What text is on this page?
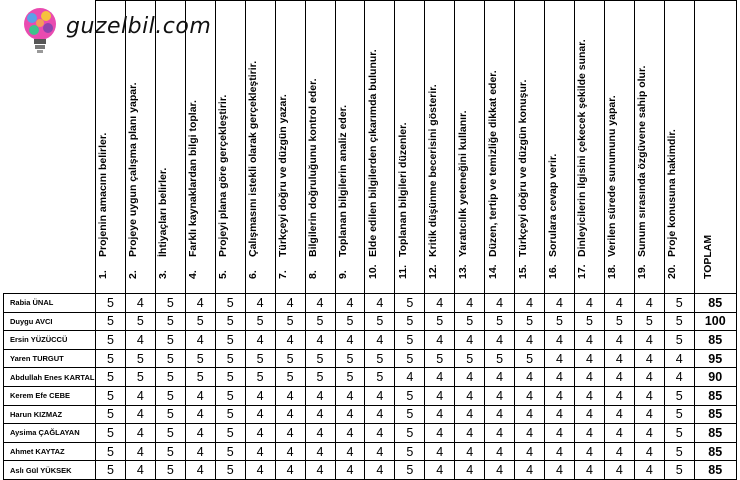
	1.Projenin amacını belirler.	2.Projeye uygun çalışma planı yapar.	3.İhtiyaçları belirler.	4.Farklı kaynaklardan bilgi toplar.	5.Projeyi plana göre gerçekleştirir.	6.Çalışmasını istekli olarak gerçekleştirir.	7.Türkçeyi doğru ve düzgün yazar.	8.Bilgilerin doğruluğunu kontrol eder.	9.Toplanan bilgilerin analiz eder.	10.Elde edilen bilgilerden çıkarımda bulunur.	11.Toplanan bilgileri düzenler.	12.Kritik düşünme becerisini gösterir.	13.Yaratıcılık yeteneğini kullanır.	14.Düzen, tertip ve temizliğe dikkat eder.	15.Türkçeyi doğru ve düzgün konuşur.	16.Sorulara cevap verir.	17.Dinleyicilerin ilgisini çekecek şekilde sunar.	18.Verilen sürede sunumunu yapar.	19.Sunum sırasında özgüvene sahip olur.	20.Proje konusuna hakimdir.	TOPLAM

Rabia ÜNAL	5	4	5	4	5	4	4	4	4	4	5	4	4	4	4	4	4	4	4	5	85
Duygu AVCI	5	5	5	5	5	5	5	5	5	5	5	5	5	5	5	5	5	5	5	5	100
Ersin YÜZÜCCÜ	5	4	5	4	5	4	4	4	4	4	5	4	4	4	4	4	4	4	4	5	85
Yaren TURGUT	5	5	5	5	5	5	5	5	5	5	5	5	5	5	5	4	4	4	4	4	95
Abdullah Enes KARTAL	5	5	5	5	5	5	5	5	5	5	4	4	4	4	4	4	4	4	4	4	90
Kerem Efe CEBE	5	4	5	4	5	4	4	4	4	4	5	4	4	4	4	4	4	4	4	5	85
Harun KIZMAZ	5	4	5	4	5	4	4	4	4	4	5	4	4	4	4	4	4	4	4	5	85
Aysima ÇAĞLAYAN	5	4	5	4	5	4	4	4	4	4	5	4	4	4	4	4	4	4	4	5	85
Ahmet KAYTAZ	5	4	5	4	5	4	4	4	4	4	5	4	4	4	4	4	4	4	4	5	85
Aslı Gül YÜKSEK	5	4	5	4	5	4	4	4	4	4	5	4	4	4	4	4	4	4	4	5	85
guzelbil.com
